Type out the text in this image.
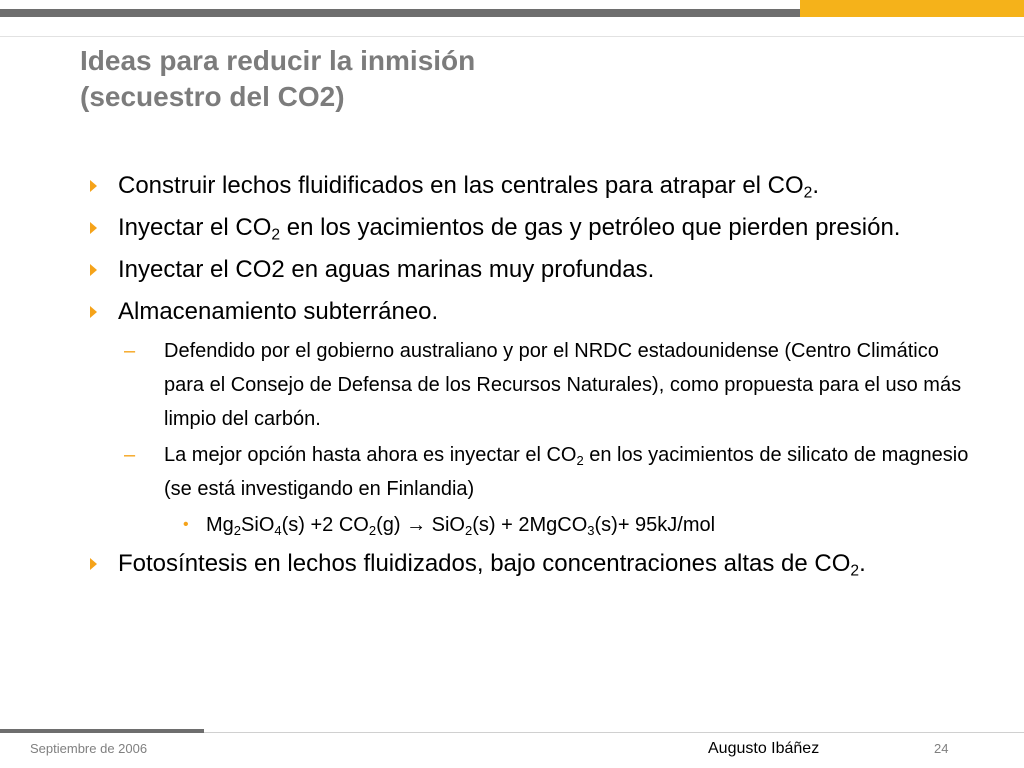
Ideas para reducir la inmisión
(secuestro del CO2)
Construir lechos fluidificados en las centrales para atrapar el $CO_2$.
Inyectar el $CO_2$ en los yacimientos de gas y petróleo que pierden presión.
Inyectar el CO2 en aguas marinas muy profundas.
Almacenamiento subterráneo.
– Defendido por el gobierno australiano y por el NRDC estadounidense (Centro Climático para el Consejo de Defensa de los Recursos Naturales), como propuesta para el uso más limpio del carbón.
– La mejor opción hasta ahora es inyectar el $CO_2$ en los yacimientos de silicato de magnesio (se está investigando en Finlandia)
• $Mg_2SiO_4(s) +2$ $CO_2(g) \to SiO_2(s)$ + 2MgCO$_3$(s)+ 95kJ/mol
Fotosíntesis en lechos fluidizados, bajo concentraciones altas de $CO_2$.
Septiembre de 2006	Augusto Ibáñez	24
